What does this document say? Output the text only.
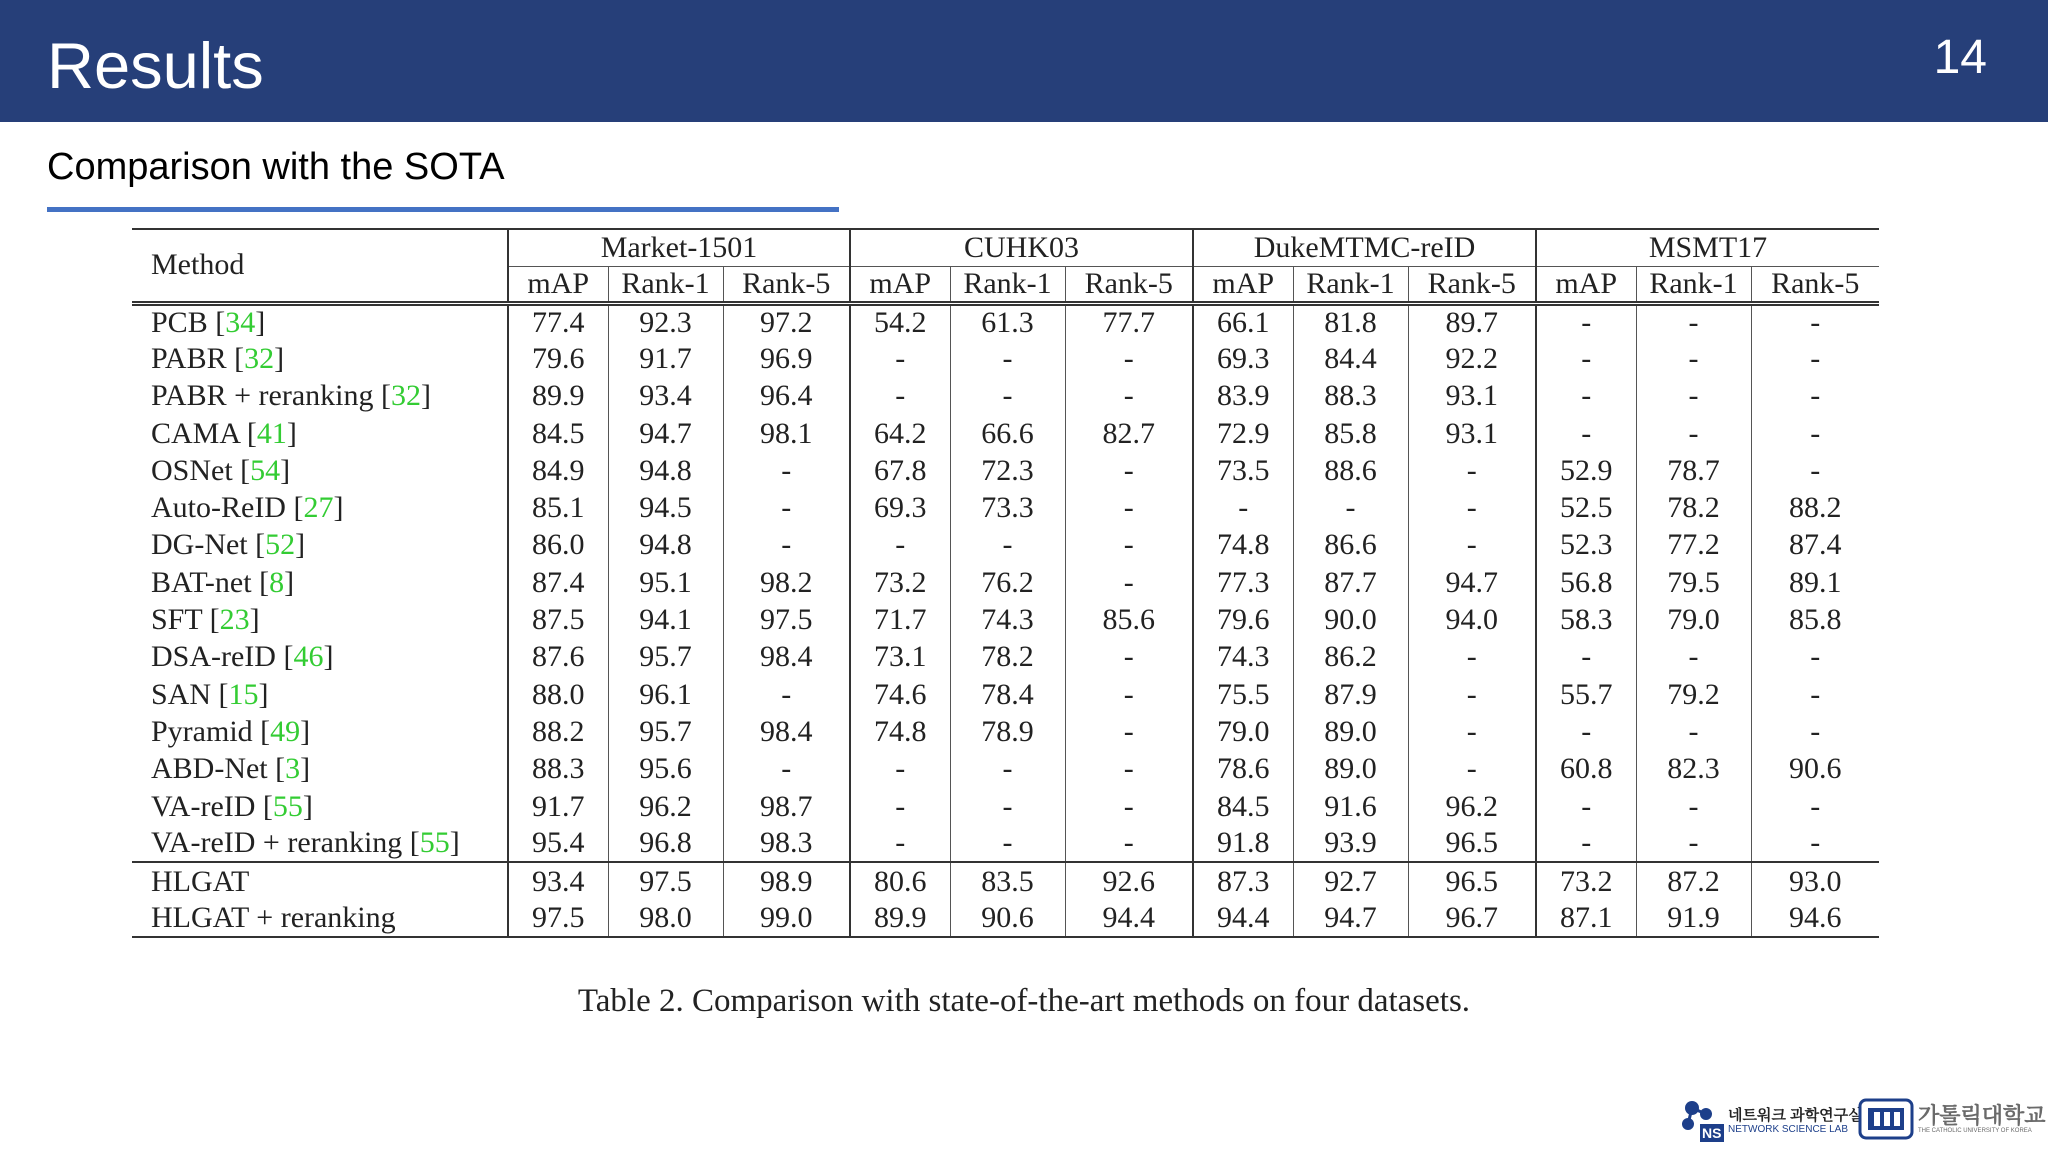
Results	14
Comparison with the SOTA
Method	Market-1501			CUHK03			DukeMTMC-reID			MSMT17		
	mAP	Rank-1	Rank-5	mAP	Rank-1	Rank-5	mAP	Rank-1	Rank-5	mAP	Rank-1	Rank-5
PCB [34]	77.4	92.3	97.2	54.2	61.3	77.7	66.1	81.8	89.7	-	-	-
PABR [32]	79.6	91.7	96.9	-	-	-	69.3	84.4	92.2	-	-	-
PABR + reranking [32]	89.9	93.4	96.4	-	-	-	83.9	88.3	93.1	-	-	-
CAMA [41]	84.5	94.7	98.1	64.2	66.6	82.7	72.9	85.8	93.1	-	-	-
OSNet [54]	84.9	94.8	-	67.8	72.3	-	73.5	88.6	-	52.9	78.7	-
Auto-ReID [27]	85.1	94.5	-	69.3	73.3	-	-	-	-	52.5	78.2	88.2
DG-Net [52]	86.0	94.8	-	-	-	-	74.8	86.6	-	52.3	77.2	87.4
BAT-net [8]	87.4	95.1	98.2	73.2	76.2	-	77.3	87.7	94.7	56.8	79.5	89.1
SFT [23]	87.5	94.1	97.5	71.7	74.3	85.6	79.6	90.0	94.0	58.3	79.0	85.8
DSA-reID [46]	87.6	95.7	98.4	73.1	78.2	-	74.3	86.2	-	-	-	-
SAN [15]	88.0	96.1	-	74.6	78.4	-	75.5	87.9	-	55.7	79.2	-
Pyramid [49]	88.2	95.7	98.4	74.8	78.9	-	79.0	89.0	-	-	-	-
ABD-Net [3]	88.3	95.6	-	-	-	-	78.6	89.0	-	60.8	82.3	90.6
VA-reID [55]	91.7	96.2	98.7	-	-	-	84.5	91.6	96.2	-	-	-
VA-reID + reranking [55]	95.4	96.8	98.3	-	-	-	91.8	93.9	96.5	-	-	-
HLGAT	93.4	97.5	98.9	80.6	83.5	92.6	87.3	92.7	96.5	73.2	87.2	93.0
HLGAT + reranking	97.5	98.0	99.0	89.9	90.6	94.4	94.4	94.7	96.7	87.1	91.9	94.6
Table 2. Comparison with state-of-the-art methods on four datasets.
NS
네트워크 과학연구실
NETWORK SCIENCE LAB
가톨릭대학교
THE CATHOLIC UNIVERSITY OF KOREA
